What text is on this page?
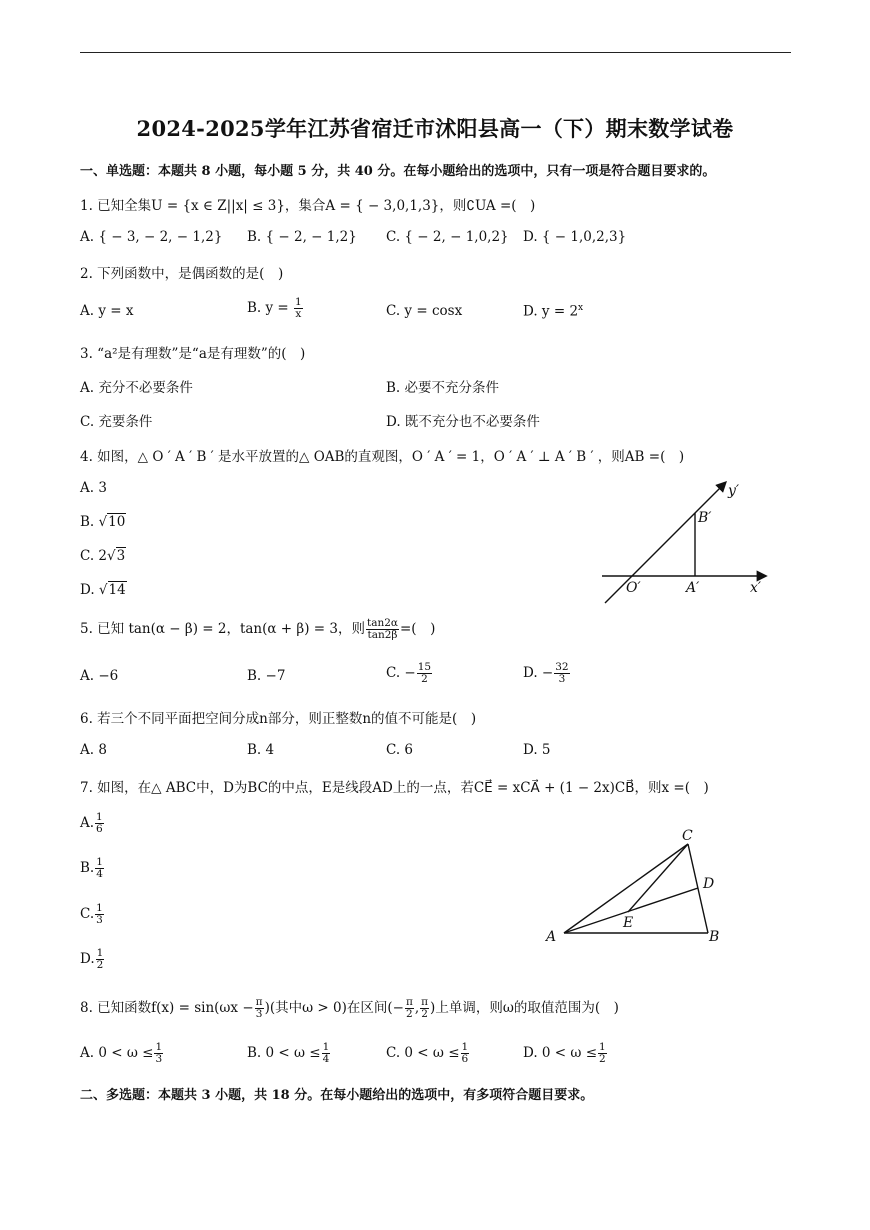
2024-2025学年江苏省宿迁市沭阳县高一（下）期末数学试卷
一、单选题：本题共 8 小题，每小题 5 分，共 40 分。在每小题给出的选项中，只有一项是符合题目要求的。
1. 已知全集U = {x ∈ Z||x| ≤ 3}，集合A = { − 3,0,1,3}，则∁UA =(　)
A. { − 3, − 2, − 1,2} B. { − 2, − 1,2} C. { − 2, − 1,0,2} D. { − 1,0,2,3}
2. 下列函数中，是偶函数的是(　)
A. y = x	B. $y = \frac{1}{x}$	C. y = cosx	D. $y = 2^x$
3. “a²是有理数”是“a是有理数”的(　)
A. 充分不必要条件	B. 必要不充分条件
C. 充要条件	D. 既不充分也不必要条件
4. 如图，△ O ′ A ′ B ′ 是水平放置的△ OAB的直观图，O ′ A ′ = 1，O ′ A ′ ⊥ A ′ B ′ ，则AB =(　)
A. 3
B. √10
C. 2√3
D. √14
y′
B′
O′	A′	x′
5. 已知 tan(α − β) = 2，tan(α + β) = 3，则 $\frac{\tan 2\alpha}{\tan 2\beta}$ =(　)
A. −6	B. −7	C. − $\frac{15}{2}$	D. − $\frac{32}{3}$
6. 若三个不同平面把空间分成n部分，则正整数n的值不可能是(　)
A. 8	B. 4	C. 6	D. 5
7. 如图，在△ ABC中，D为BC的中点，E是线段AD上的一点，若CE⃗ = xCA⃗ + (1 − 2x)CB⃗，则x =(　)
A. $\frac{1}{6}$
B. $\frac{1}{4}$
C. $\frac{1}{3}$
D. $\frac{1}{2}$
C
D
E
A	B
8. 已知函数$f(x) = \sin(\omega x - \frac{\pi}{3}$ )(其中ω > 0)在区间(− $\frac{\pi}{2}$ , $\frac{\pi}{2}$ )上单调，则ω的取值范围为(　)
A. $0 < \omega \le \frac{1}{3}$	B. $0 < \omega \le \frac{1}{4}$	C. $0 < \omega \le \frac{1}{6}$	D. $0 < \omega \le \frac{1}{2}$
二、多选题：本题共 3 小题，共 18 分。在每小题给出的选项中，有多项符合题目要求。
